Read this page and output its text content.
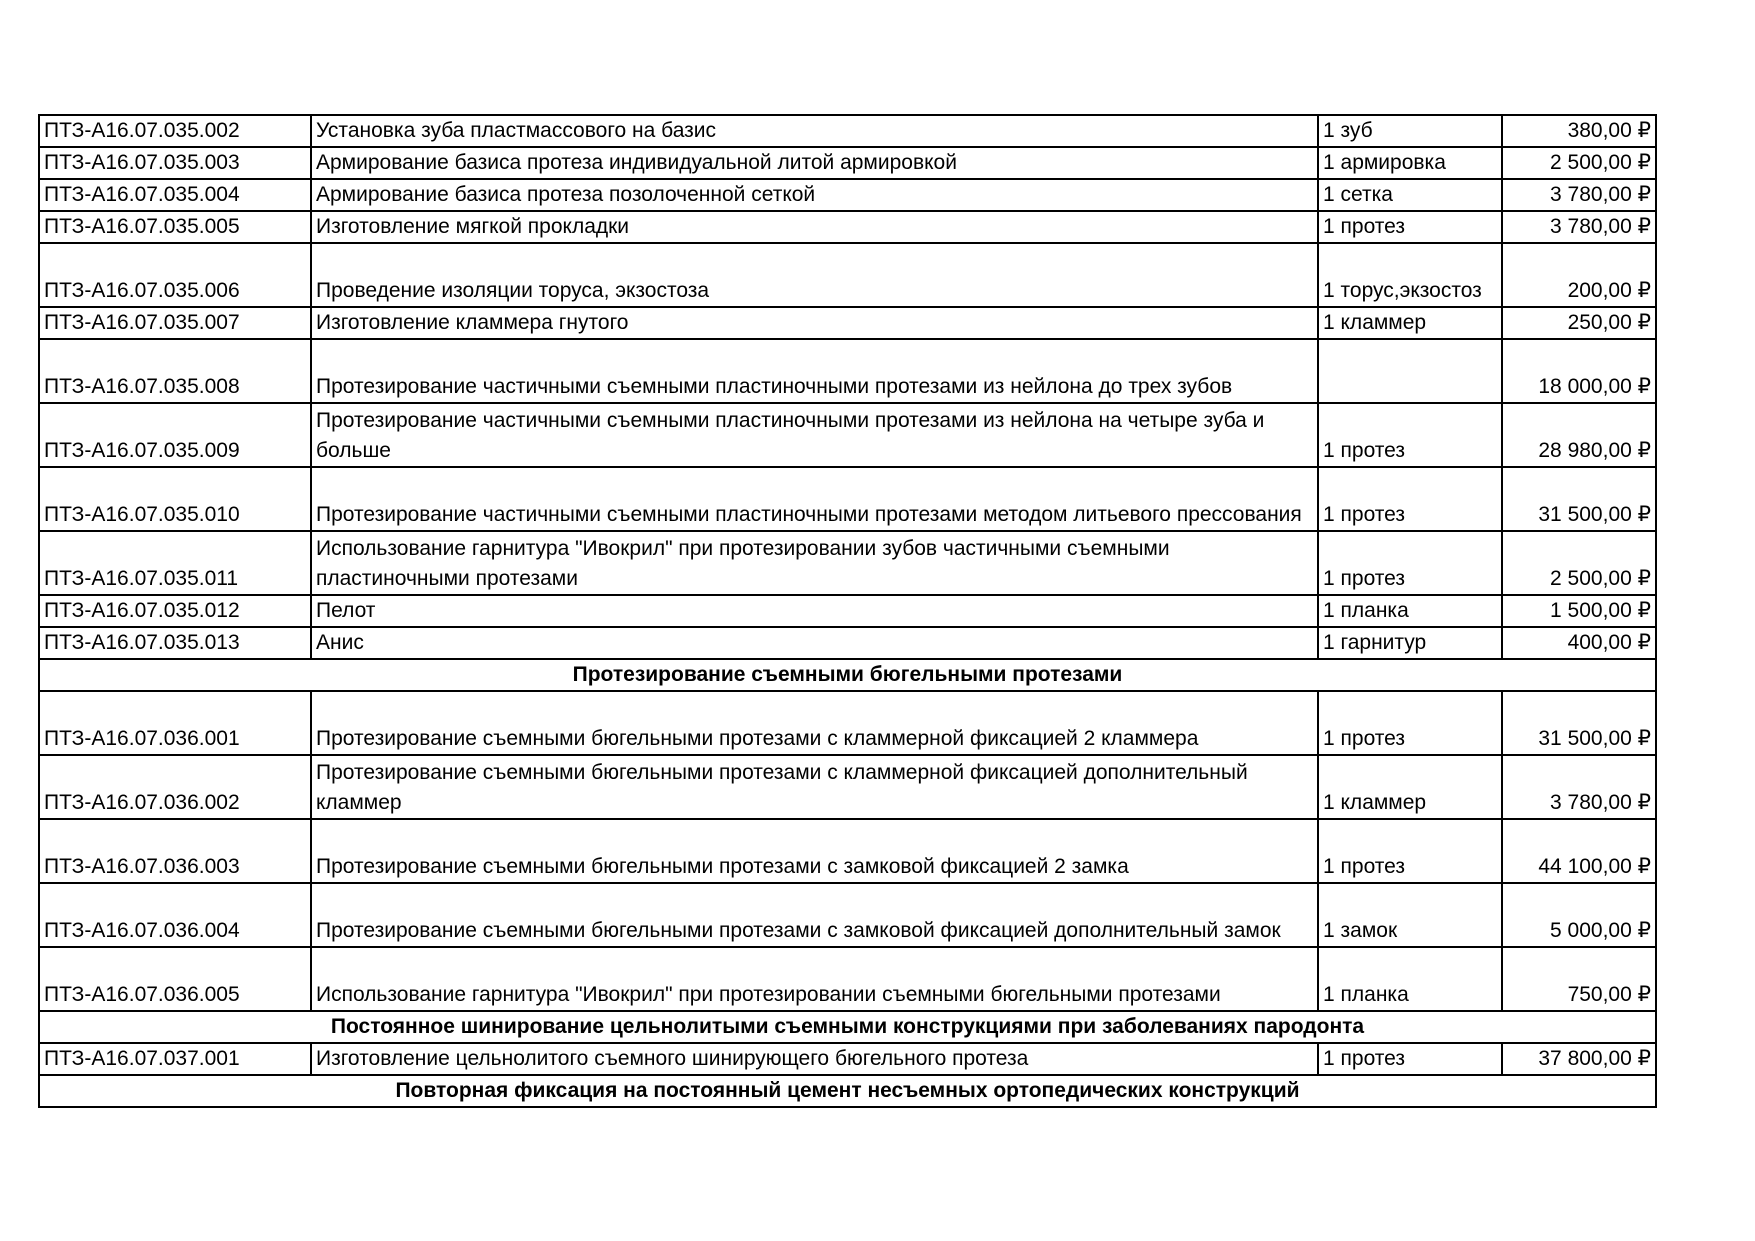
ПТЗ-А16.07.035.002	Установка зуба пластмассового на базис	1 зуб	380,00 ₽
ПТЗ-А16.07.035.003	Армирование базиса протеза индивидуальной литой армировкой	1 армировка	2 500,00 ₽
ПТЗ-А16.07.035.004	Армирование базиса протеза позолоченной сеткой	1 сетка	3 780,00 ₽
ПТЗ-А16.07.035.005	Изготовление мягкой прокладки	1 протез	3 780,00 ₽
ПТЗ-А16.07.035.006	Проведение изоляции торуса, экзостоза	1 торус,экзостоз	200,00 ₽
ПТЗ-А16.07.035.007	Изготовление кламмера гнутого	1 кламмер	250,00 ₽
ПТЗ-А16.07.035.008	Протезирование частичными съемными пластиночными протезами из нейлона до трех зубов		18 000,00 ₽
ПТЗ-А16.07.035.009	Протезирование частичными съемными пластиночными протезами из нейлона на четыре зуба и больше	1 протез	28 980,00 ₽
ПТЗ-А16.07.035.010	Протезирование частичными съемными пластиночными протезами методом литьевого прессования	1 протез	31 500,00 ₽
ПТЗ-А16.07.035.011	Использование гарнитура "Ивокрил" при протезировании зубов частичными съемными пластиночными протезами	1 протез	2 500,00 ₽
ПТЗ-А16.07.035.012	Пелот	1 планка	1 500,00 ₽
ПТЗ-А16.07.035.013	Анис	1 гарнитур	400,00 ₽
Протезирование съемными бюгельными протезами			
ПТЗ-А16.07.036.001	Протезирование съемными бюгельными протезами с кламмерной фиксацией 2 кламмера	1 протез	31 500,00 ₽
ПТЗ-А16.07.036.002	Протезирование съемными бюгельными протезами с кламмерной фиксацией дополнительный кламмер	1 кламмер	3 780,00 ₽
ПТЗ-А16.07.036.003	Протезирование съемными бюгельными протезами с замковой фиксацией 2 замка	1 протез	44 100,00 ₽
ПТЗ-А16.07.036.004	Протезирование съемными бюгельными протезами с замковой фиксацией дополнительный замок	1 замок	5 000,00 ₽
ПТЗ-А16.07.036.005	Использование гарнитура "Ивокрил" при протезировании съемными бюгельными протезами	1 планка	750,00 ₽
Постоянное шинирование цельнолитыми съемными конструкциями при заболеваниях пародонта			
ПТЗ-А16.07.037.001	Изготовление цельнолитого съемного шинирующего бюгельного протеза	1 протез	37 800,00 ₽
Повторная фиксация на постоянный цемент несъемных ортопедических конструкций			
